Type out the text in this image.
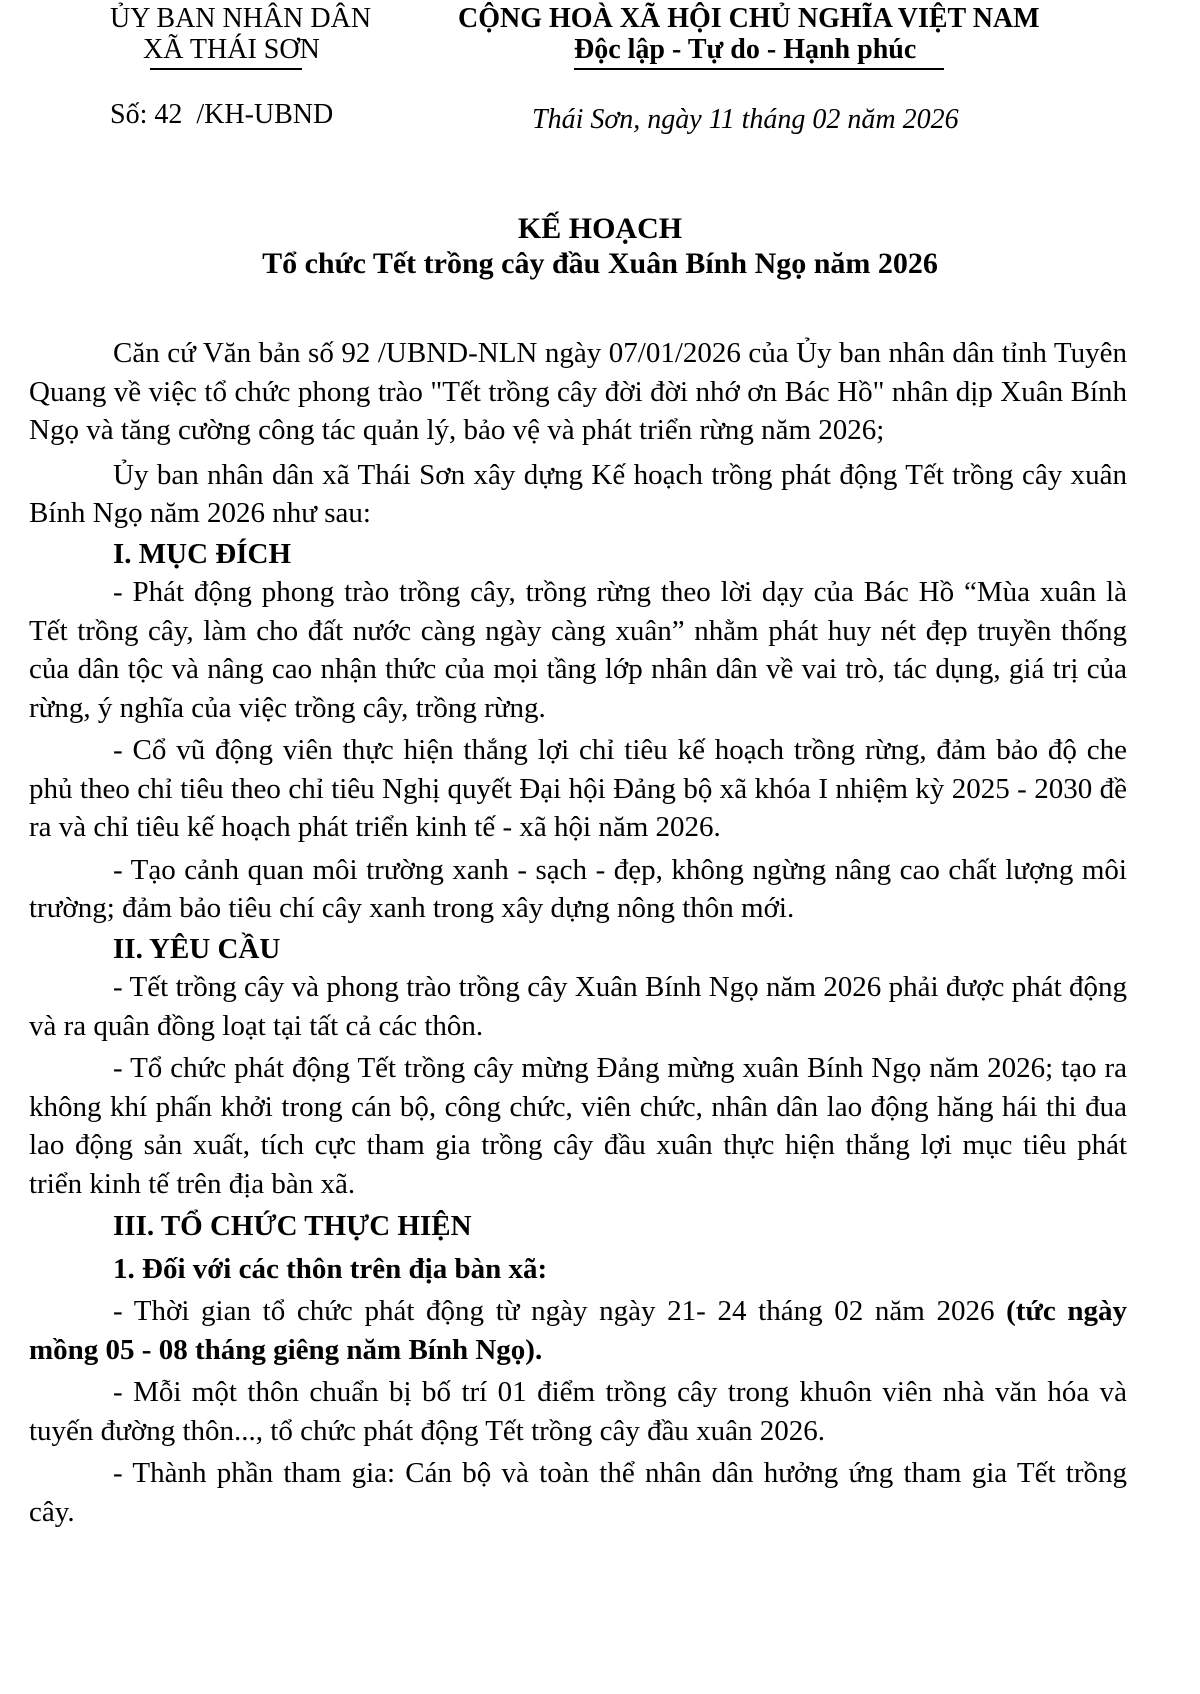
ỦY BAN NHÂN DÂN
XÃ THÁI SƠN
CỘNG HOÀ XÃ HỘI CHỦ NGHĨA VIỆT NAM
Độc lập - Tự do - Hạnh phúc
Số: 42  /KH-UBND	Thái Sơn, ngày 11 tháng 02 năm 2026
KẾ HOẠCH
Tổ chức Tết trồng cây đầu Xuân Bính Ngọ năm 2026

Căn cứ Văn bản số 92 /UBND-NLN ngày 07/01/2026 của Ủy ban nhân dân tỉnh Tuyên Quang về việc tổ chức phong trào "Tết trồng cây đời đời nhớ ơn Bác Hồ" nhân dịp Xuân Bính Ngọ và tăng cường công tác quản lý, bảo vệ và phát triển rừng năm 2026;

Ủy ban nhân dân xã Thái Sơn xây dựng Kế hoạch trồng phát động Tết trồng cây xuân Bính Ngọ năm 2026 như sau:

I. MỤC ĐÍCH

- Phát động phong trào trồng cây, trồng rừng theo lời dạy của Bác Hồ “Mùa xuân là Tết trồng cây, làm cho đất nước càng ngày càng xuân” nhằm phát huy nét đẹp truyền thống của dân tộc và nâng cao nhận thức của mọi tầng lớp nhân dân về vai trò, tác dụng, giá trị của rừng, ý nghĩa của việc trồng cây, trồng rừng.

- Cổ vũ động viên thực hiện thắng lợi chỉ tiêu kế hoạch trồng rừng, đảm bảo độ che phủ theo chỉ tiêu theo chỉ tiêu Nghị quyết Đại hội Đảng bộ xã khóa I nhiệm kỳ 2025 - 2030 đề ra và chỉ tiêu kế hoạch phát triển kinh tế - xã hội năm 2026.

- Tạo cảnh quan môi trường xanh - sạch - đẹp, không ngừng nâng cao chất lượng môi trường; đảm bảo tiêu chí cây xanh trong xây dựng nông thôn mới.

II. YÊU CẦU

- Tết trồng cây và phong trào trồng cây Xuân Bính Ngọ năm 2026 phải được phát động và ra quân đồng loạt tại tất cả các thôn.

- Tổ chức phát động Tết trồng cây mừng Đảng mừng xuân Bính Ngọ năm 2026; tạo ra không khí phấn khởi trong cán bộ, công chức, viên chức, nhân dân lao động hăng hái thi đua lao động sản xuất, tích cực tham gia trồng cây đầu xuân thực hiện thắng lợi mục tiêu phát triển kinh tế trên địa bàn xã.

III. TỔ CHỨC THỰC HIỆN

1. Đối với các thôn trên địa bàn xã:

- Thời gian tổ chức phát động từ ngày ngày 21- 24 tháng 02 năm 2026 (tức ngày mồng 05 - 08 tháng giêng năm Bính Ngọ).

- Mỗi một thôn chuẩn bị bố trí 01 điểm trồng cây trong khuôn viên nhà văn hóa và tuyến đường thôn..., tổ chức phát động Tết trồng cây đầu xuân 2026.

- Thành phần tham gia: Cán bộ và toàn thể nhân dân hưởng ứng tham gia Tết trồng cây.
